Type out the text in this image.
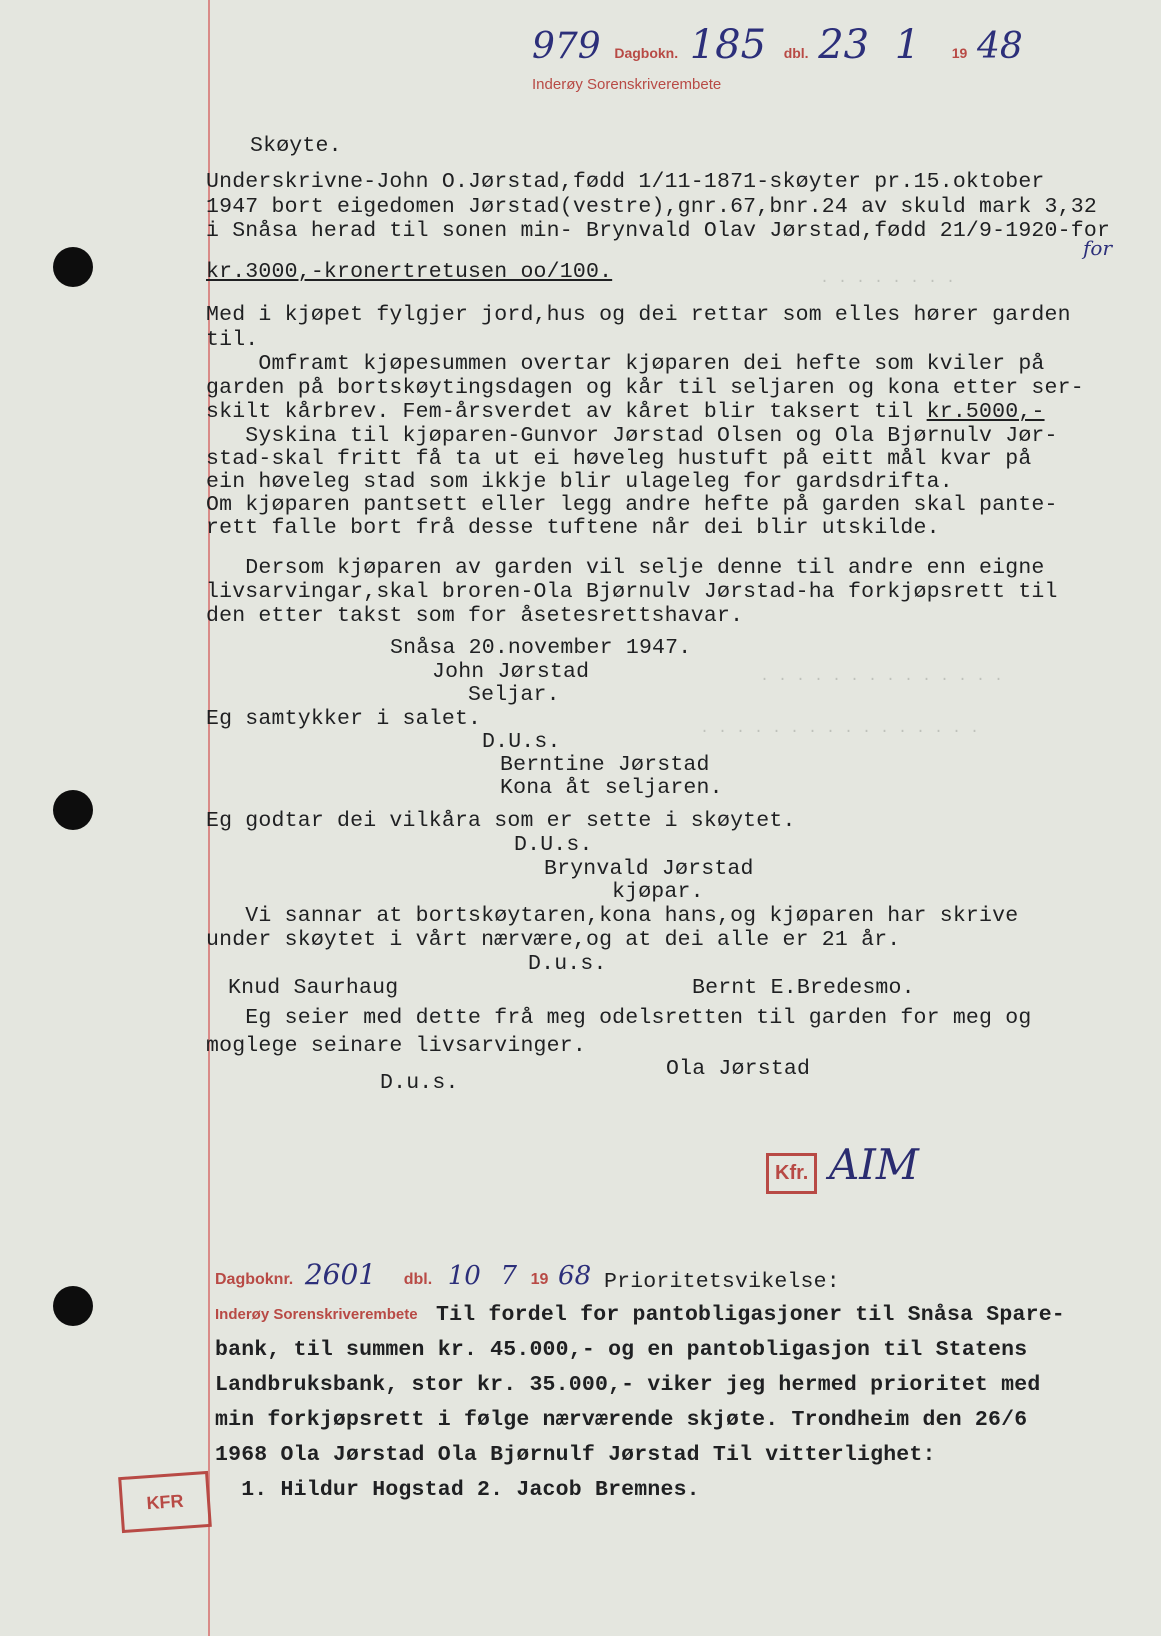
. . . . . . . .
. . . . . . . . . . . . . .
. . . . . . . . . . . . . . . .
979 Dagbokn. 185 dbl. 23 1 19 48
Inderøy Sorenskriverembete
Skøyte.
Underskrivne-John O.Jørstad,fødd 1/11-1871-skøyter pr.15.oktober
1947 bort eigedomen Jørstad(vestre),gnr.67,bnr.24 av skuld mark 3,32
i Snåsa herad til sonen min- Brynvald Olav Jørstad,fødd 21/9-1920-for
for
kr.3000,-kronertretusen oo/100.
Med i kjøpet fylgjer jord,hus og dei rettar som elles hører garden
til.
Omframt kjøpesummen overtar kjøparen dei hefte som kviler på
garden på bortskøytingsdagen og kår til seljaren og kona etter ser-
skilt kårbrev. Fem-årsverdet av kåret blir taksert til kr.5000,-
Syskina til kjøparen-Gunvor Jørstad Olsen og Ola Bjørnulv Jør-
stad-skal fritt få ta ut ei høveleg hustuft på eitt mål kvar på
ein høveleg stad som ikkje blir ulageleg for gardsdrifta.
Om kjøparen pantsett eller legg andre hefte på garden skal pante-
rett falle bort frå desse tuftene når dei blir utskilde.
Dersom kjøparen av garden vil selje denne til andre enn eigne
livsarvingar,skal broren-Ola Bjørnulv Jørstad-ha forkjøpsrett til
den etter takst som for åsetesrettshavar.
Snåsa 20.november 1947.
John Jørstad
Seljar.
Eg samtykker i salet.
D.U.s.
Berntine Jørstad
Kona åt seljaren.
Eg godtar dei vilkåra som er sette i skøytet.
D.U.s.
Brynvald Jørstad
kjøpar.
Vi sannar at bortskøytaren,kona hans,og kjøparen har skrive
under skøytet i vårt nærvære,og at dei alle er 21 år.
D.u.s.
Knud Saurhaug	Bernt E.Bredesmo.
Eg seier med dette frå meg odelsretten til garden for meg og
moglege seinare livsarvinger.
Ola Jørstad
D.u.s.
Kfr. AIM
Dagboknr. 2601 dbl. 10 7 19 68 Prioritetsvikelse:
Inderøy Sorenskriverembete Til fordel for pantobligasjoner til Snåsa Spare-
bank, til summen kr. 45.000,- og en pantobligasjon til Statens
Landbruksbank, stor kr. 35.000,- viker jeg hermed prioritet med
min forkjøpsrett i følge nærværende skjøte. Trondheim den 26/6
1968 Ola Jørstad Ola Bjørnulf Jørstad Til vitterlighet:
1. Hildur Hogstad 2. Jacob Bremnes.
KFR
